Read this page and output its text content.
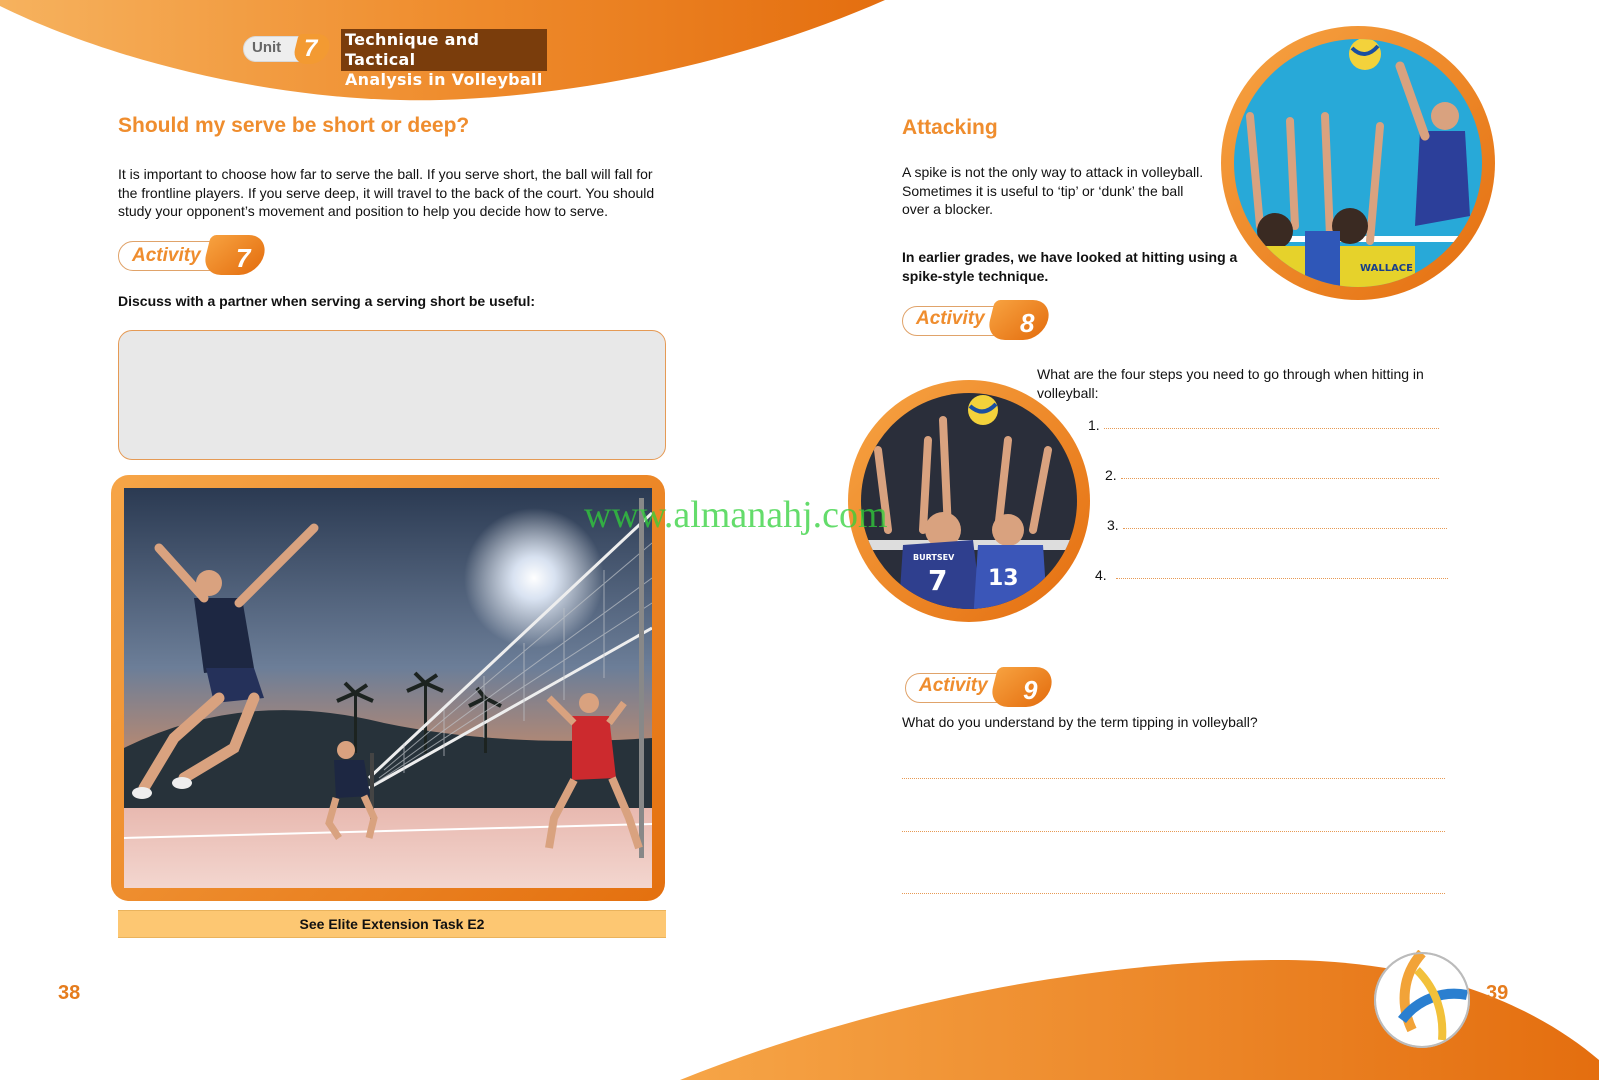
Unit 7 Technique and Tactical
Analysis in Volleyball
Should my serve be short or deep?

It is important to choose how far to serve the ball. If you serve short, the ball will fall for the frontline players. If you serve deep, it will travel to the back of the court. You should study your opponent’s movement and position to help you decide how to serve.

Activity 7

Discuss with a partner when serving a serving short be useful:

See Elite Extension Task E2
38
Attacking

A spike is not the only way to attack in volleyball. Sometimes it is useful to ‘tip’ or ‘dunk’ the ball over a blocker.

In earlier grades, we have looked at hitting using a spike-style technique.	WALLACE
Activity 8
BURTSEV
7 13

What are the four steps you need to go through when hitting in volleyball:

1.
2.
3.
4.
Activity 9

What do you understand by the term tipping in volleyball?

39
www.almanahj.com
